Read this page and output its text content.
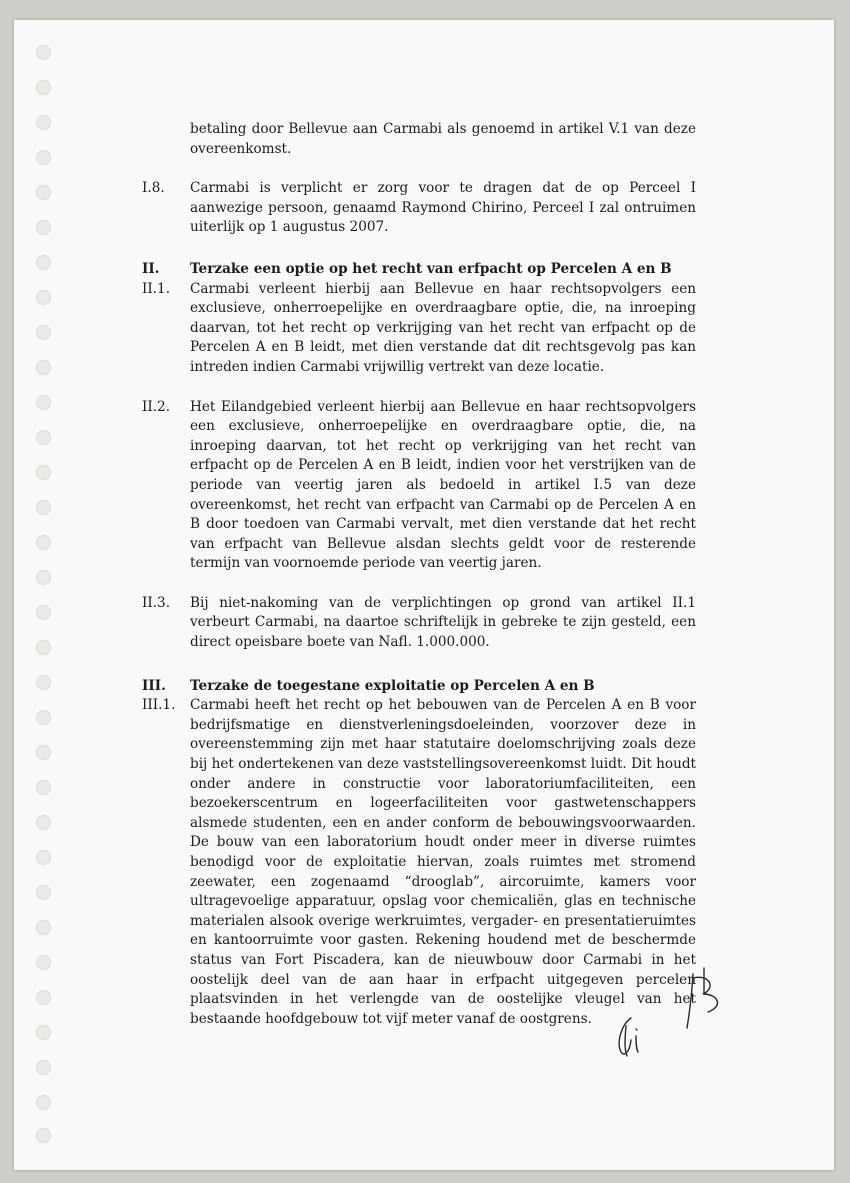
betaling door Bellevue aan Carmabi als genoemd in artikel V.1 van deze overeenkomst.
I.8.	Carmabi is verplicht er zorg voor te dragen dat de op Perceel I aanwezige persoon, genaamd Raymond Chirino, Perceel I zal ontruimen uiterlijk op 1 augustus 2007.
II.	Terzake een optie op het recht van erfpacht op Percelen A en B
II.1.	Carmabi verleent hierbij aan Bellevue en haar rechtsopvolgers een exclusieve, onherroepelijke en overdraagbare optie, die, na inroeping daarvan, tot het recht op verkrijging van het recht van erfpacht op de Percelen A en B leidt, met dien verstande dat dit rechtsgevolg pas kan intreden indien Carmabi vrijwillig vertrekt van deze locatie.
II.2.	Het Eilandgebied verleent hierbij aan Bellevue en haar rechtsopvolgers een exclusieve, onherroepelijke en overdraagbare optie, die, na inroeping daarvan, tot het recht op verkrijging van het recht van erfpacht op de Percelen A en B leidt, indien voor het verstrijken van de periode van veertig jaren als bedoeld in artikel I.5 van deze overeenkomst, het recht van erfpacht van Carmabi op de Percelen A en B door toedoen van Carmabi vervalt, met dien verstande dat het recht van erfpacht van Bellevue alsdan slechts geldt voor de resterende termijn van voornoemde periode van veertig jaren.
II.3.	Bij niet-nakoming van de verplichtingen op grond van artikel II.1 verbeurt Carmabi, na daartoe schriftelijk in gebreke te zijn gesteld, een direct opeisbare boete van Nafl. 1.000.000.
III.	Terzake de toegestane exploitatie op Percelen A en B
III.1.	Carmabi heeft het recht op het bebouwen van de Percelen A en B voor bedrijfsmatige en dienstverleningsdoeleinden, voorzover deze in overeenstemming zijn met haar statutaire doelomschrijving zoals deze bij het ondertekenen van deze vaststellingsovereenkomst luidt. Dit houdt onder andere in constructie voor laboratoriumfaciliteiten, een bezoekerscentrum en logeerfaciliteiten voor gastwetenschappers alsmede studenten, een en ander conform de bebouwingsvoorwaarden. De bouw van een laboratorium houdt onder meer in diverse ruimtes benodigd voor de exploitatie hiervan, zoals ruimtes met stromend zeewater, een zogenaamd “drooglab”, aircoruimte, kamers voor ultragevoelige apparatuur, opslag voor chemicaliën, glas en technische materialen alsook overige werkruimtes, vergader- en presentatieruimtes en kantoorruimte voor gasten. Rekening houdend met de beschermde status van Fort Piscadera, kan de nieuwbouw door Carmabi in het oostelijk deel van de aan haar in erfpacht uitgegeven percelen plaatsvinden in het verlengde van de oostelijke vleugel van het bestaande hoofdgebouw tot vijf meter vanaf de oostgrens.
